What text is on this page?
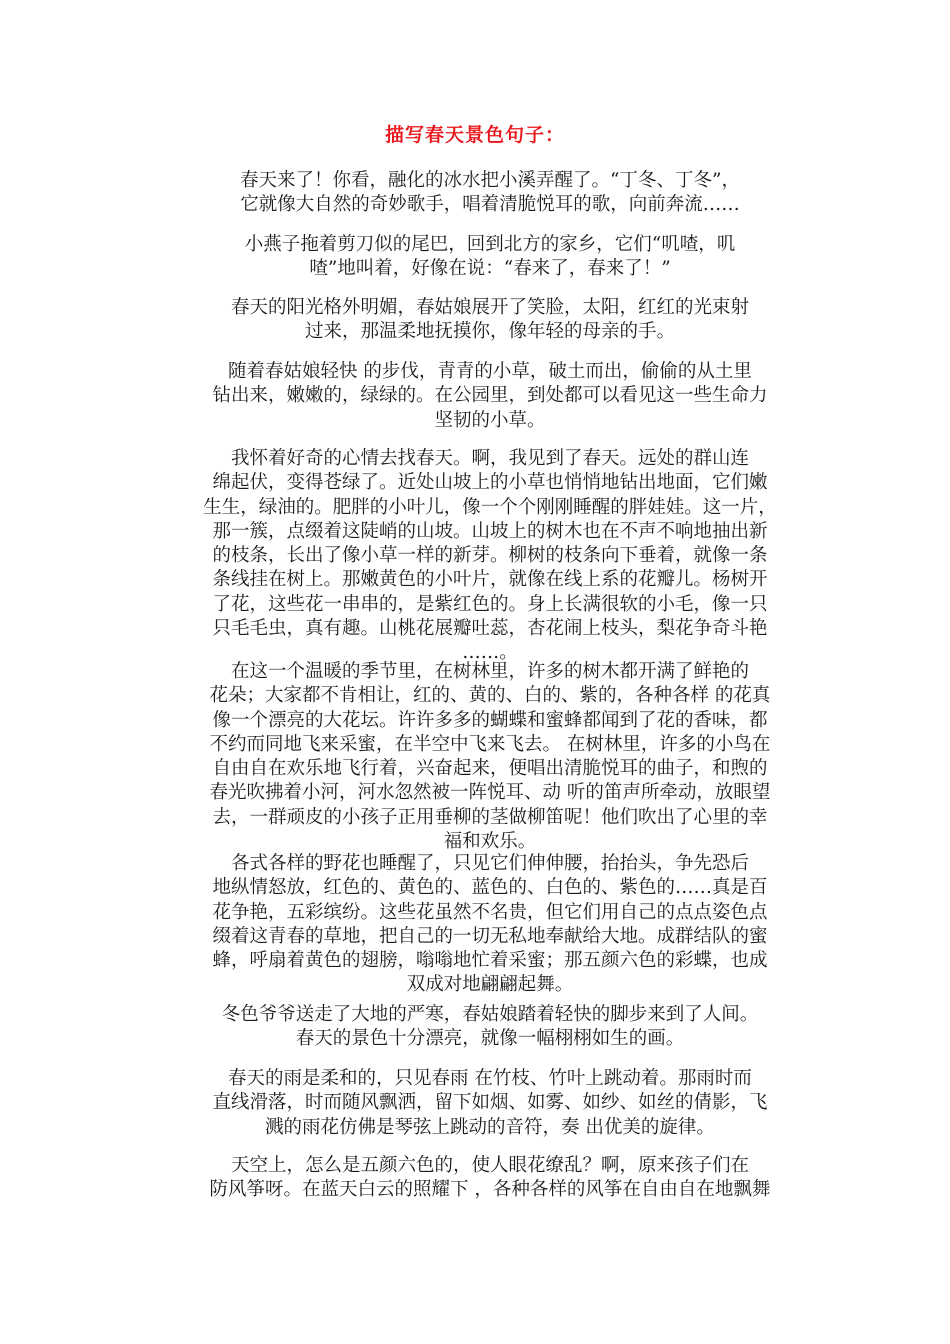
描写春天景色句子：

春天来了！你看，融化的冰水把小溪弄醒了。“丁冬、丁冬”，
它就像大自然的奇妙歌手，唱着清脆悦耳的歌，向前奔流……

小燕子拖着剪刀似的尾巴，回到北方的家乡，它们“叽喳，叽
喳”地叫着，好像在说：“春来了，春来了！”

春天的阳光格外明媚，春姑娘展开了笑脸，太阳，红红的光束射
过来，那温柔地抚摸你，像年轻的母亲的手。

随着春姑娘轻快 的步伐，青青的小草，破土而出，偷偷的从土里
钻出来，嫩嫩的，绿绿的。在公园里，到处都可以看见这一些生命力
坚韧的小草。

我怀着好奇的心情去找春天。啊，我见到了春天。远处的群山连
绵起伏，变得苍绿了。近处山坡上的小草也悄悄地钻出地面，它们嫩
生生，绿油的。肥胖的小叶儿，像一个个刚刚睡醒的胖娃娃。这一片，
那一簇，点缀着这陡峭的山坡。山坡上的树木也在不声不响地抽出新
的枝条，长出了像小草一样的新芽。柳树的枝条向下垂着，就像一条
条线挂在树上。那嫩黄色的小叶片，就像在线上系的花瓣儿。杨树开
了花，这些花一串串的，是紫红色的。身上长满很软的小毛，像一只
只毛毛虫，真有趣。山桃花展瓣吐蕊，杏花闹上枝头，梨花争奇斗艳
……。

在这一个温暖的季节里，在树林里，许多的树木都开满了鲜艳的
花朵；大家都不肯相让，红的、黄的、白的、紫的，各种各样 的花真
像一个漂亮的大花坛。许许多多的蝴蝶和蜜蜂都闻到了花的香味，都
不约而同地飞来采蜜，在半空中飞来飞去。 在树林里，许多的小鸟在
自由自在欢乐地飞行着，兴奋起来，便唱出清脆悦耳的曲子，和煦的
春光吹拂着小河，河水忽然被一阵悦耳、动 听的笛声所牵动，放眼望
去，一群顽皮的小孩子正用垂柳的茎做柳笛呢！他们吹出了心里的幸
福和欢乐。

各式各样的野花也睡醒了，只见它们伸伸腰，抬抬头，争先恐后
地纵情怒放，红色的、黄色的、蓝色的、白色的、紫色的……真是百
花争艳，五彩缤纷。这些花虽然不名贵，但它们用自己的点点姿色点
缀着这青春的草地，把自己的一切无私地奉献给大地。成群结队的蜜
蜂，呼扇着黄色的翅膀，嗡嗡地忙着采蜜；那五颜六色的彩蝶，也成
双成对地翩翩起舞。

冬色爷爷送走了大地的严寒，春姑娘踏着轻快的脚步来到了人间。
春天的景色十分漂亮，就像一幅栩栩如生的画。

春天的雨是柔和的，只见春雨 在竹枝、竹叶上跳动着。那雨时而
直线滑落，时而随风飘洒，留下如烟、如雾、如纱、如丝的倩影，飞
溅的雨花仿佛是琴弦上跳动的音符，奏 出优美的旋律。

天空上，怎么是五颜六色的，使人眼花缭乱？啊，原来孩子们在
防风筝呀。在蓝天白云的照耀下 ，各种各样的风筝在自由自在地飘舞
